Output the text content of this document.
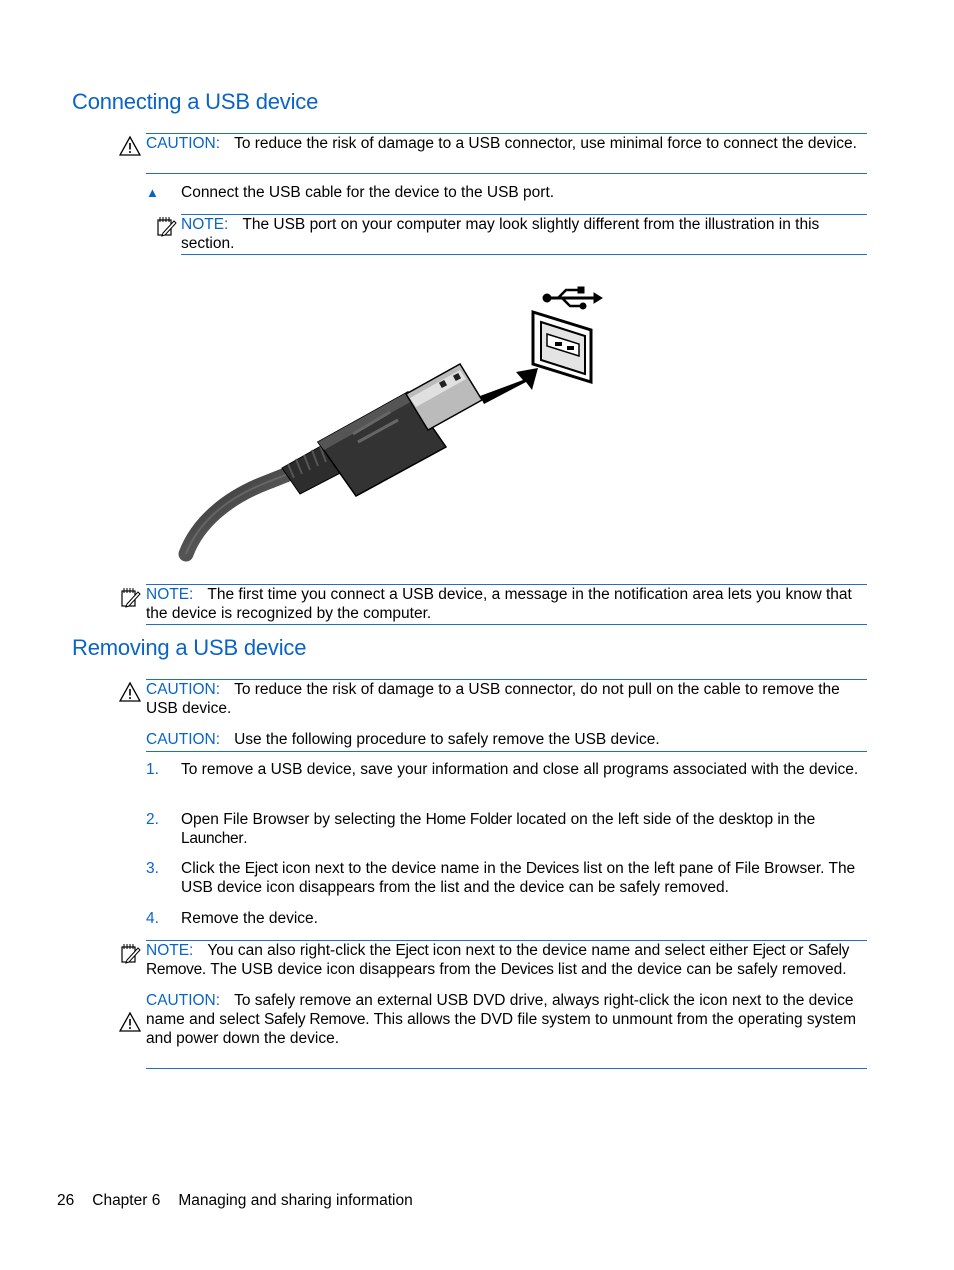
Connecting a USB device
CAUTION: To reduce the risk of damage to a USB connector, use minimal force to connect the device.
▲ Connect the USB cable for the device to the USB port.
NOTE: The USB port on your computer may look slightly different from the illustration in this section.
NOTE: The first time you connect a USB device, a message in the notification area lets you know that the device is recognized by the computer.
Removing a USB device
CAUTION: To reduce the risk of damage to a USB connector, do not pull on the cable to remove the USB device.
CAUTION: Use the following procedure to safely remove the USB device.
1. To remove a USB device, save your information and close all programs associated with the device.
2. Open File Browser by selecting the Home Folder located on the left side of the desktop in the Launcher.
3. Click the Eject icon next to the device name in the Devices list on the left pane of File Browser. The USB device icon disappears from the list and the device can be safely removed.
4. Remove the device.
NOTE: You can also right-click the Eject icon next to the device name and select either Eject or Safely Remove. The USB device icon disappears from the Devices list and the device can be safely removed.
CAUTION: To safely remove an external USB DVD drive, always right-click the icon next to the device name and select Safely Remove. This allows the DVD file system to unmount from the operating system and power down the device.
26 Chapter 6 Managing and sharing information
